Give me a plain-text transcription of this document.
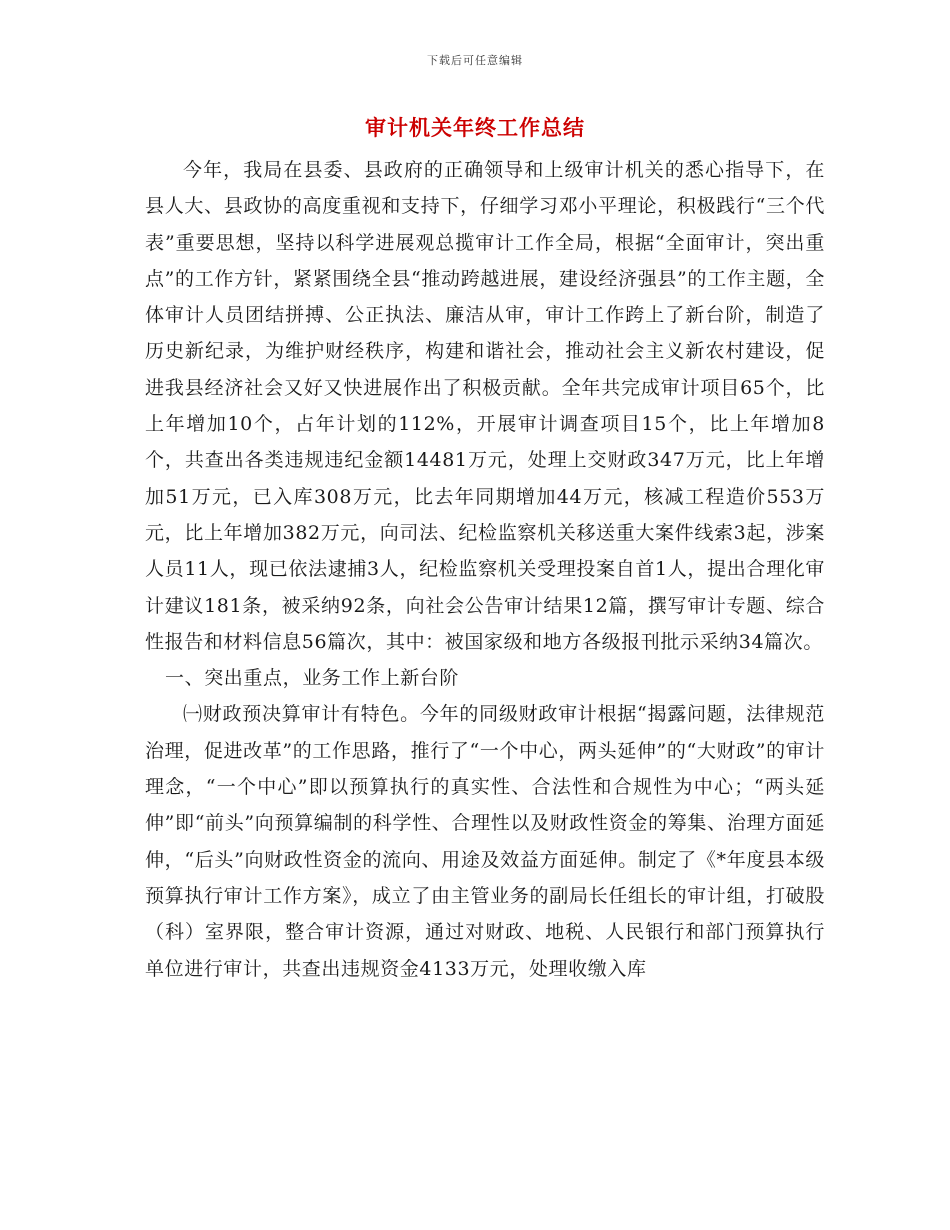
下载后可任意编辑
审计机关年终工作总结

今年，我局在县委、县政府的正确领导和上级审计机关的悉心指导下，在县人大、县政协的高度重视和支持下，仔细学习邓小平理论，积极践行“三个代表”重要思想，坚持以科学进展观总揽审计工作全局，根据“全面审计，突出重点”的工作方针，紧紧围绕全县“推动跨越进展，建设经济强县”的工作主题，全体审计人员团结拼搏、公正执法、廉洁从审，审计工作跨上了新台阶，制造了历史新纪录，为维护财经秩序，构建和谐社会，推动社会主义新农村建设，促进我县经济社会又好又快进展作出了积极贡献。全年共完成审计项目65个，比上年增加10个，占年计划的112%，开展审计调查项目15个，比上年增加8个，共查出各类违规违纪金额14481万元，处理上交财政347万元，比上年增加51万元，已入库308万元，比去年同期增加44万元，核减工程造价553万元，比上年增加382万元，向司法、纪检监察机关移送重大案件线索3起，涉案人员11人，现已依法逮捕3人，纪检监察机关受理投案自首1人，提出合理化审计建议181条，被采纳92条，向社会公告审计结果12篇，撰写审计专题、综合性报告和材料信息56篇次，其中：被国家级和地方各级报刊批示采纳34篇次。

一、突出重点，业务工作上新台阶

㈠财政预决算审计有特色。今年的同级财政审计根据“揭露问题，法律规范治理，促进改革”的工作思路，推行了“一个中心，两头延伸”的“大财政”的审计理念，“一个中心”即以预算执行的真实性、合法性和合规性为中心；“两头延伸”即“前头”向预算编制的科学性、合理性以及财政性资金的筹集、治理方面延伸，“后头”向财政性资金的流向、用途及效益方面延伸。制定了《*年度县本级预算执行审计工作方案》，成立了由主管业务的副局长任组长的审计组，打破股（科）室界限，整合审计资源，通过对财政、地税、人民银行和部门预算执行单位进行审计，共查出违规资金4133万元，处理收缴入库
